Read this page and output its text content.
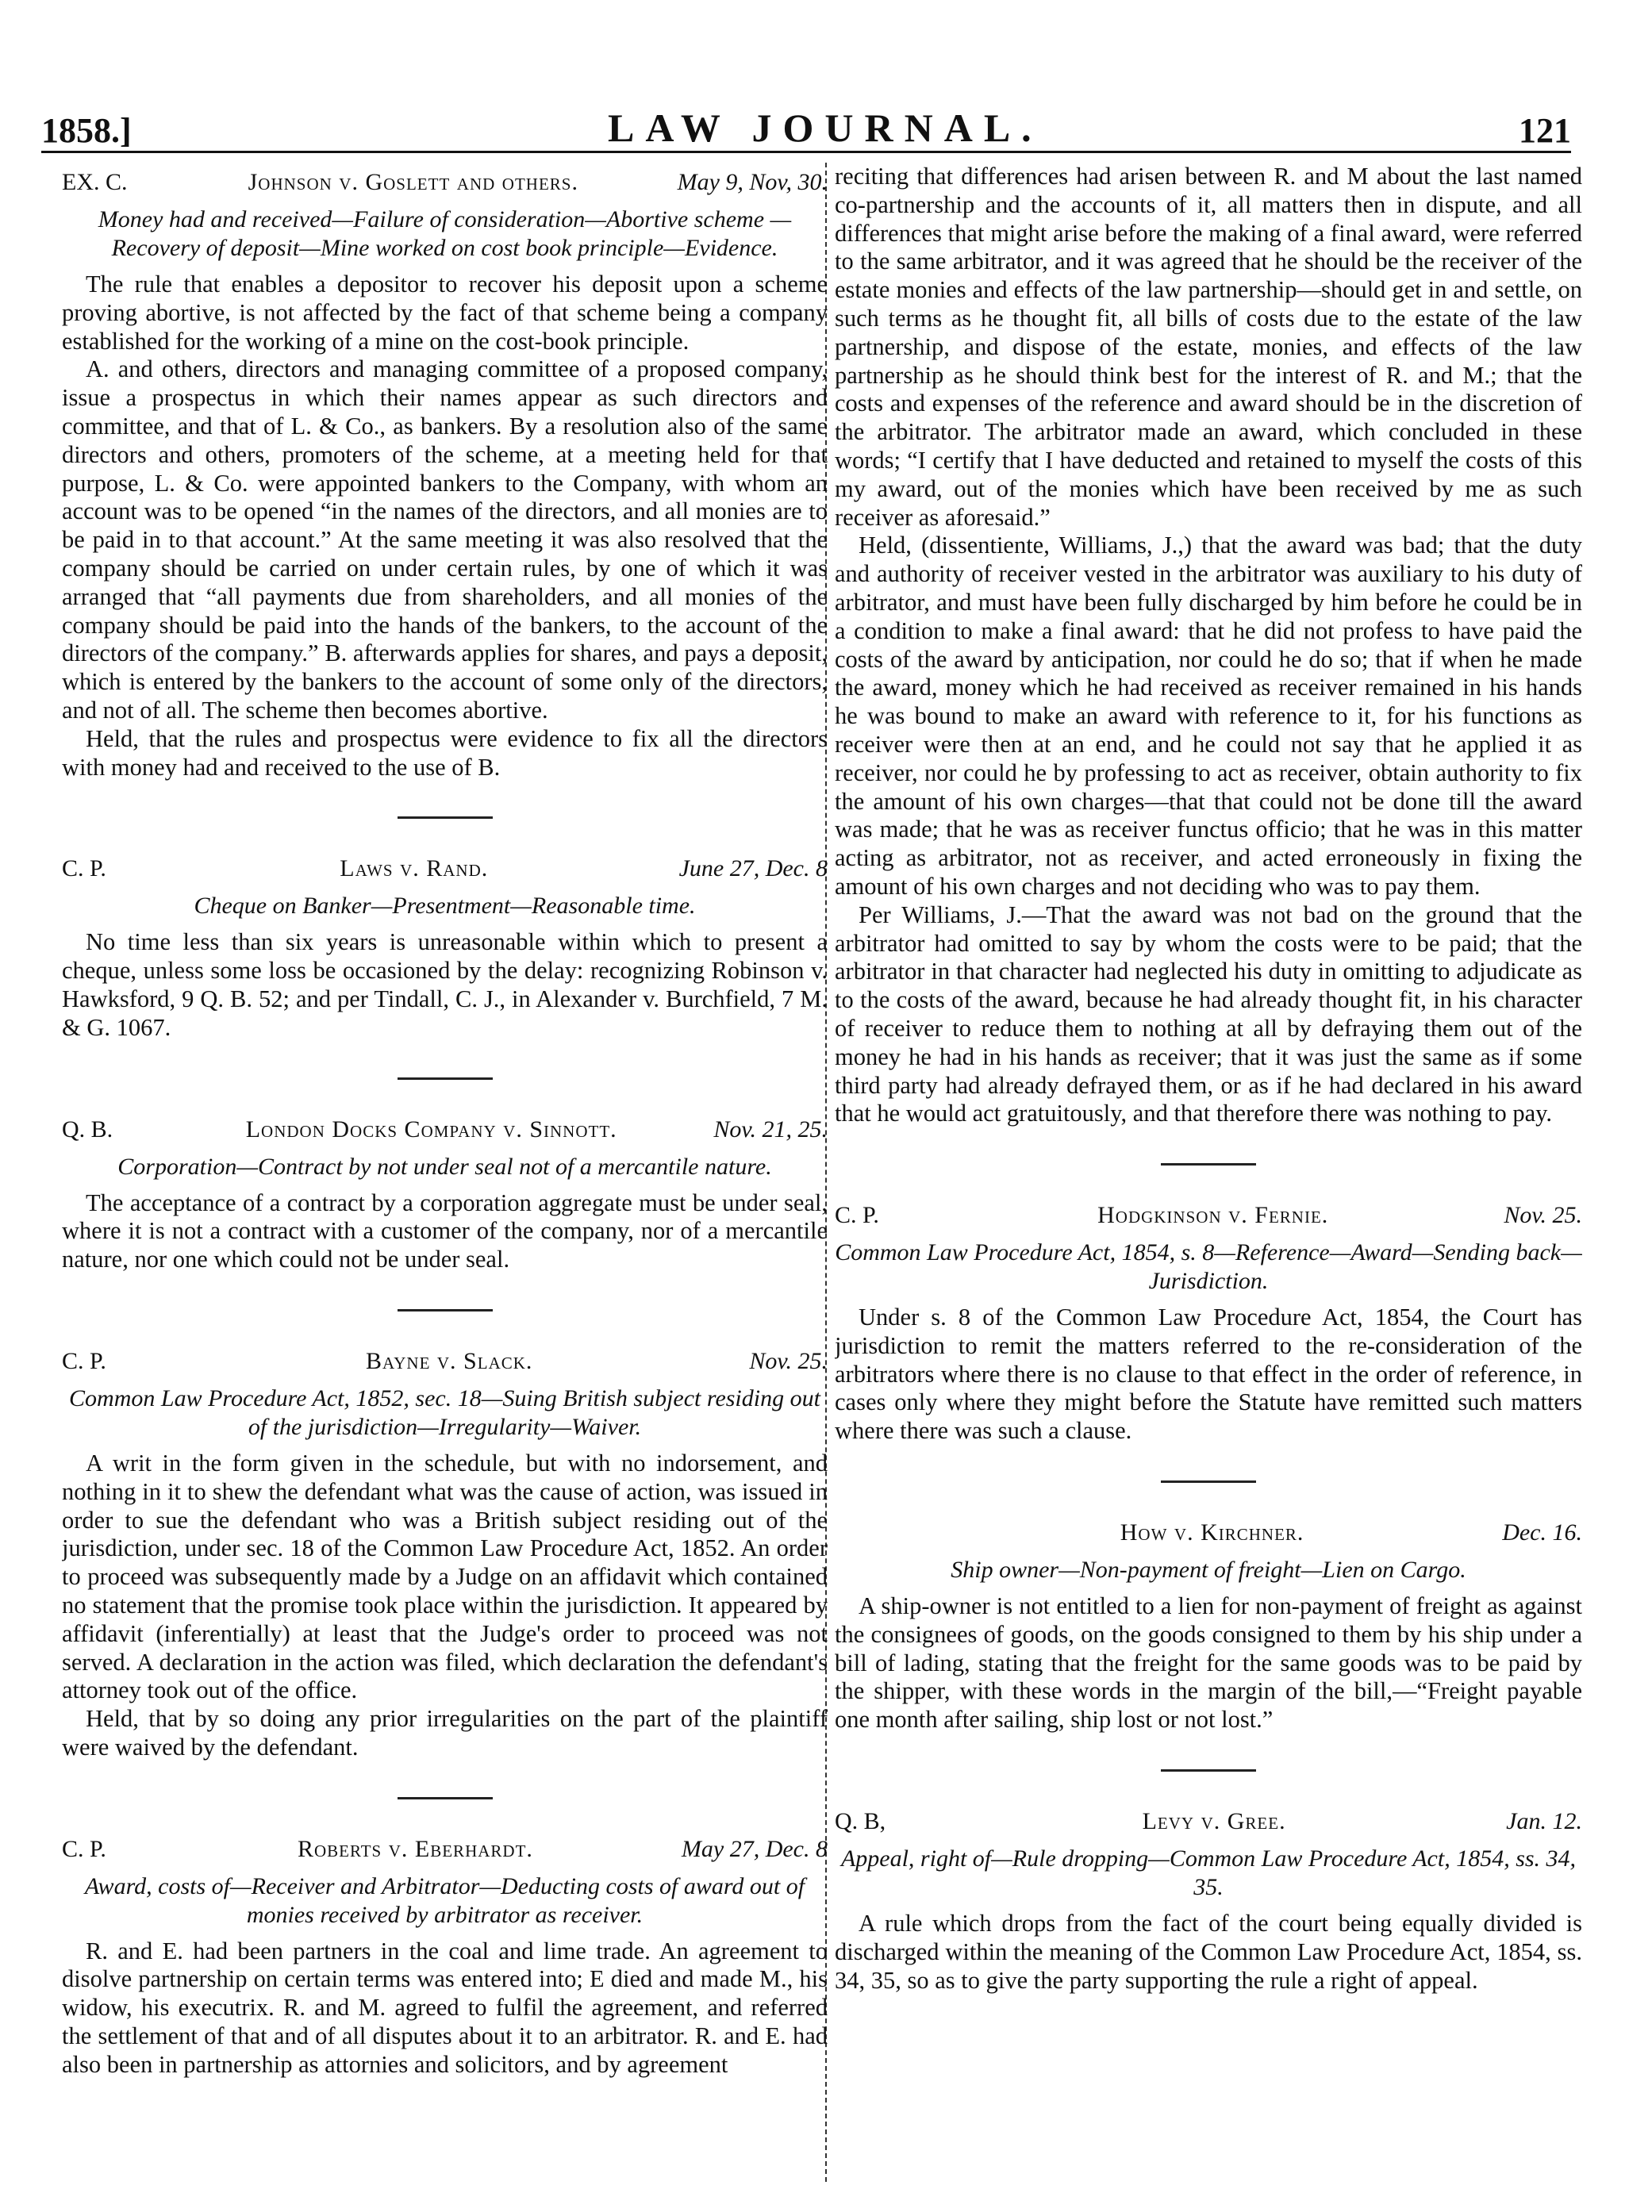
1858.]	LAW JOURNAL.	121
EX. C.	Johnson v. Goslett and others.	May 9, Nov, 30.
Money had and received—Failure of consideration—Abortive scheme —Recovery of deposit—Mine worked on cost book principle—Evidence.

The rule that enables a depositor to recover his deposit upon a scheme proving abortive, is not affected by the fact of that scheme being a company established for the working of a mine on the cost-book principle.

A. and others, directors and managing committee of a proposed company, issue a prospectus in which their names appear as such directors and committee, and that of L. & Co., as bankers. By a resolution also of the same directors and others, promoters of the scheme, at a meeting held for that purpose, L. & Co. were appointed bankers to the Company, with whom an account was to be opened “in the names of the directors, and all monies are to be paid in to that account.” At the same meeting it was also resolved that the company should be carried on under certain rules, by one of which it was arranged that “all payments due from shareholders, and all monies of the company should be paid into the hands of the bankers, to the account of the directors of the company.” B. afterwards applies for shares, and pays a deposit, which is entered by the bankers to the account of some only of the directors, and not of all. The scheme then becomes abortive.

Held, that the rules and prospectus were evidence to fix all the directors with money had and received to the use of B.

C. P.	Laws v. Rand.	June 27, Dec. 8
Cheque on Banker—Presentment—Reasonable time.

No time less than six years is unreasonable within which to present a cheque, unless some loss be occasioned by the delay: recognizing Robinson v. Hawksford, 9 Q. B. 52; and per Tindall, C. J., in Alexander v. Burchfield, 7 M. & G. 1067.

Q. B.	London Docks Company v. Sinnott.	Nov. 21, 25.
Corporation—Contract by not under seal not of a mercantile nature.

The acceptance of a contract by a corporation aggregate must be under seal, where it is not a contract with a customer of the company, nor of a mercantile nature, nor one which could not be under seal.

C. P.	Bayne v. Slack.	Nov. 25.
Common Law Procedure Act, 1852, sec. 18—Suing British subject residing out of the jurisdiction—Irregularity—Waiver.

A writ in the form given in the schedule, but with no indorsement, and nothing in it to shew the defendant what was the cause of action, was issued in order to sue the defendant who was a British subject residing out of the jurisdiction, under sec. 18 of the Common Law Procedure Act, 1852. An order to proceed was subsequently made by a Judge on an affidavit which contained no statement that the promise took place within the jurisdiction. It appeared by affidavit (inferentially) at least that the Judge's order to proceed was not served. A declaration in the action was filed, which declaration the defendant's attorney took out of the office.

Held, that by so doing any prior irregularities on the part of the plaintiff were waived by the defendant.

C. P.	Roberts v. Eberhardt.	May 27, Dec. 8
Award, costs of—Receiver and Arbitrator—Deducting costs of award out of monies received by arbitrator as receiver.

R. and E. had been partners in the coal and lime trade. An agreement to disolve partnership on certain terms was entered into; E died and made M., his widow, his executrix. R. and M. agreed to fulfil the agreement, and referred the settlement of that and of all disputes about it to an arbitrator. R. and E. had also been in partnership as attornies and solicitors, and by agreement

reciting that differences had arisen between R. and M about the last named co-partnership and the accounts of it, all matters then in dispute, and all differences that might arise before the making of a final award, were referred to the same arbitrator, and it was agreed that he should be the receiver of the estate monies and effects of the law partnership—should get in and settle, on such terms as he thought fit, all bills of costs due to the estate of the law partnership, and dispose of the estate, monies, and effects of the law partnership as he should think best for the interest of R. and M.; that the costs and expenses of the reference and award should be in the discretion of the arbitrator. The arbitrator made an award, which concluded in these words; “I certify that I have deducted and retained to myself the costs of this my award, out of the monies which have been received by me as such receiver as aforesaid.”

Held, (dissentiente, Williams, J.,) that the award was bad; that the duty and authority of receiver vested in the arbitrator was auxiliary to his duty of arbitrator, and must have been fully discharged by him before he could be in a condition to make a final award: that he did not profess to have paid the costs of the award by anticipation, nor could he do so; that if when he made the award, money which he had received as receiver remained in his hands he was bound to make an award with reference to it, for his functions as receiver were then at an end, and he could not say that he applied it as receiver, nor could he by professing to act as receiver, obtain authority to fix the amount of his own charges—that that could not be done till the award was made; that he was as receiver functus officio; that he was in this matter acting as arbitrator, not as receiver, and acted erroneously in fixing the amount of his own charges and not deciding who was to pay them.

Per Williams, J.—That the award was not bad on the ground that the arbitrator had omitted to say by whom the costs were to be paid; that the arbitrator in that character had neglected his duty in omitting to adjudicate as to the costs of the award, because he had already thought fit, in his character of receiver to reduce them to nothing at all by defraying them out of the money he had in his hands as receiver; that it was just the same as if some third party had already defrayed them, or as if he had declared in his award that he would act gratuitously, and that therefore there was nothing to pay.

C. P.	Hodgkinson v. Fernie.	Nov. 25.
Common Law Procedure Act, 1854, s. 8—Reference—Award—Sending back—Jurisdiction.

Under s. 8 of the Common Law Procedure Act, 1854, the Court has jurisdiction to remit the matters referred to the re-consideration of the arbitrators where there is no clause to that effect in the order of reference, in cases only where they might before the Statute have remitted such matters where there was such a clause.

How v. Kirchner.	Dec. 16.
Ship owner—Non-payment of freight—Lien on Cargo.

A ship-owner is not entitled to a lien for non-payment of freight as against the consignees of goods, on the goods consigned to them by his ship under a bill of lading, stating that the freight for the same goods was to be paid by the shipper, with these words in the margin of the bill,—“Freight payable one month after sailing, ship lost or not lost.”

Q. B,	Levy v. Gree.	Jan. 12.
Appeal, right of—Rule dropping—Common Law Procedure Act, 1854, ss. 34, 35.

A rule which drops from the fact of the court being equally divided is discharged within the meaning of the Common Law Procedure Act, 1854, ss. 34, 35, so as to give the party supporting the rule a right of appeal.
